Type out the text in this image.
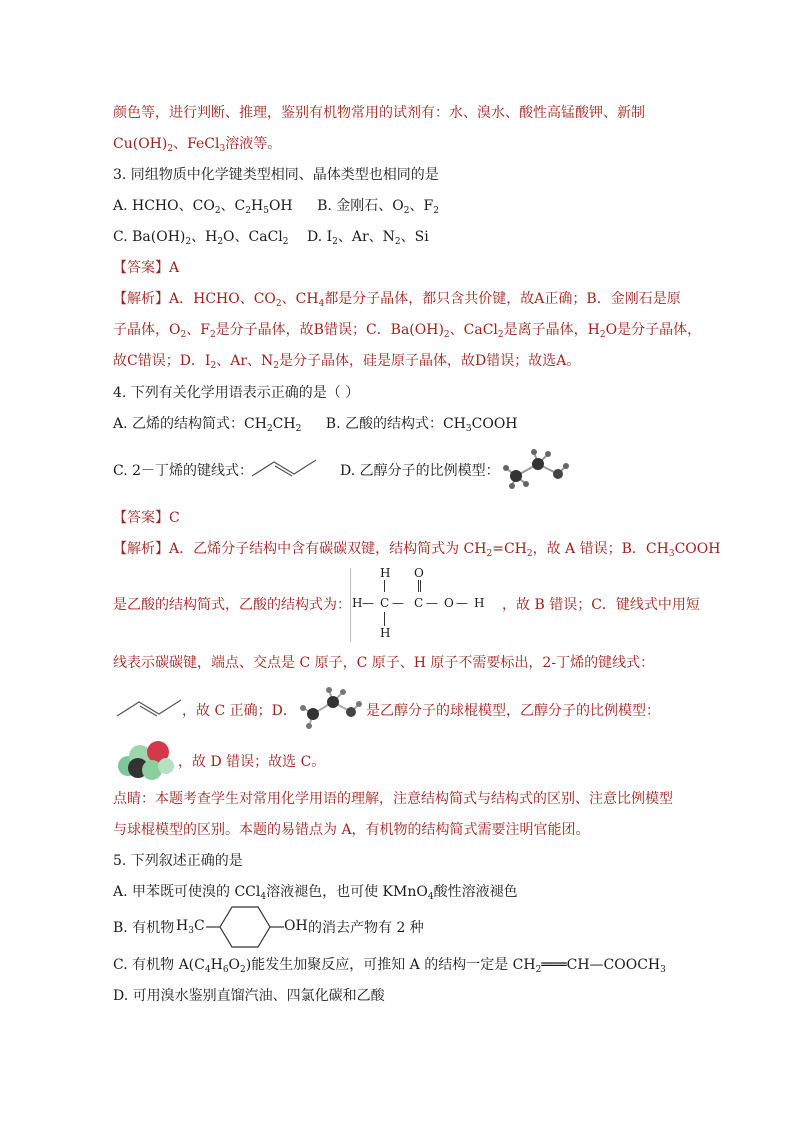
颜色等，进行判断、推理，鉴别有机物常用的试剂有：水、溴水、酸性高锰酸钾、新制
$Cu(OH)_2$、FeCl$_3$溶液等。
3. 同组物质中化学键类型相同、晶体类型也相同的是
A. HCHO、$CO_2$、$C_2H_5OH$ B. 金刚石、$O_2$、$F_2$
C. $Ba(OH)_2$、$H_2O$、CaCl$_2$ D. $I_2$、Ar、$N_2$、Si
【答案】A
【解析】A．HCHO、$CO_2$、$CH_4$都是分子晶体，都只含共价键，故A正确；B．金刚石是原
子晶体，$O_2$、$F_2$是分子晶体，故B错误；C．$Ba(OH)_2$、CaCl$_2$是离子晶体，$H_2O$是分子晶体，
故C错误；D．$I_2$、Ar、$N_2$是分子晶体，硅是原子晶体，故D错误；故选A。
4. 下列有关化学用语表示正确的是（ ）
A. 乙烯的结构简式：$CH_2CH_2$ B. 乙酸的结构式：$CH_3COOH$
C. 2－丁烯的键线式：	D. 乙醇分子的比例模型：
【答案】C
【解析】A．乙烯分子结构中含有碳碳双键，结构简式为 $CH_2=CH_2$，故 A 错误；B．$CH_3COOH$
是乙酸的结构简式，乙酸的结构式为：
H O
H — C — C — O — H
H
，故 B 错误；C．键线式中用短
线表示碳碳键，端点、交点是 C 原子，C 原子、H 原子不需要标出，2-丁烯的键线式：
，故 C 正确；D．	是乙醇分子的球棍模型，乙醇分子的比例模型：
，故 D 错误；故选 C。
点睛：本题考查学生对常用化学用语的理解，注意结构简式与结构式的区别、注意比例模型
与球棍模型的区别。本题的易错点为 A，有机物的结构简式需要注明官能团。
5. 下列叙述正确的是
A. 甲苯既可使溴的 CCl$_4$溶液褪色，也可使 KMnO$_4$酸性溶液褪色
B. 有机物 $H_3C$	OH 的消去产物有 2 种
C. 有机物 $A(C_4H_6O_2)$能发生加聚反应，可推知 A 的结构一定是 $CH_2═══CH—COOCH_3$
D. 可用溴水鉴别直馏汽油、四氯化碳和乙酸
